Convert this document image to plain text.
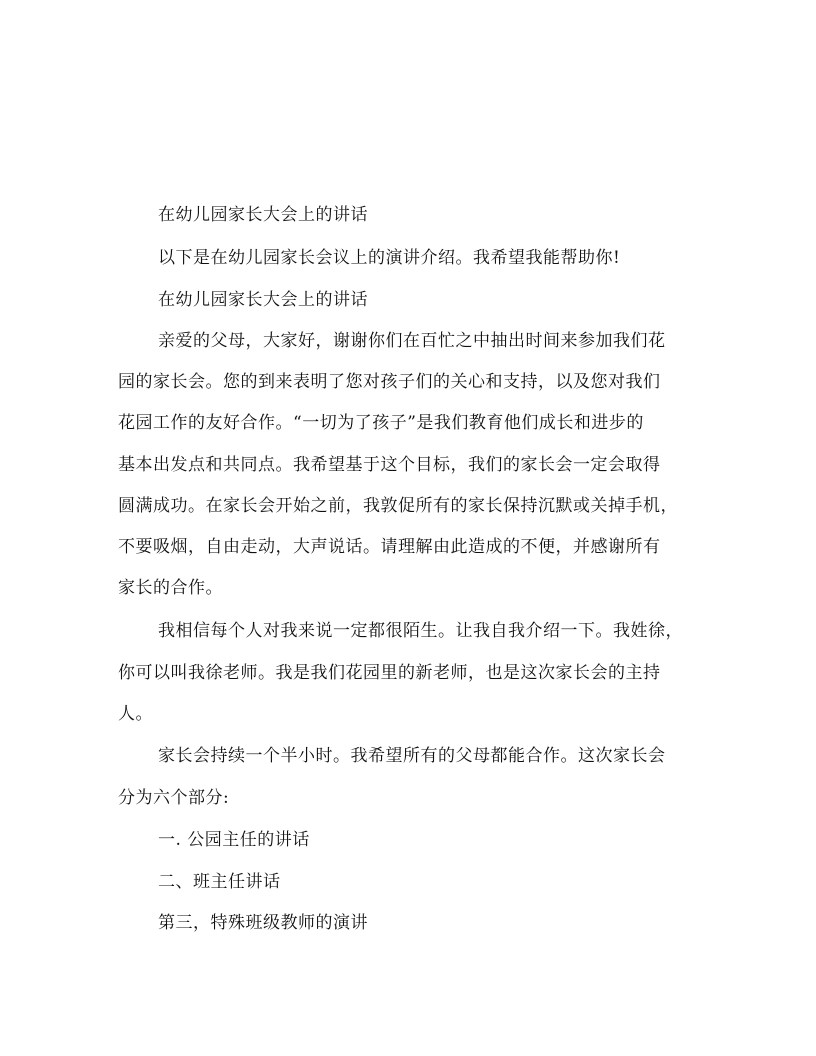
在幼儿园家长大会上的讲话
以下是在幼儿园家长会议上的演讲介绍。我希望我能帮助你!
在幼儿园家长大会上的讲话
亲爱的父母，大家好，谢谢你们在百忙之中抽出时间来参加我们花
园的家长会。您的到来表明了您对孩子们的关心和支持，以及您对我们
花园工作的友好合作。“一切为了孩子”是我们教育他们成长和进步的
基本出发点和共同点。我希望基于这个目标，我们的家长会一定会取得
圆满成功。在家长会开始之前，我敦促所有的家长保持沉默或关掉手机，
不要吸烟，自由走动，大声说话。请理解由此造成的不便，并感谢所有
家长的合作。
我相信每个人对我来说一定都很陌生。让我自我介绍一下。我姓徐，
你可以叫我徐老师。我是我们花园里的新老师，也是这次家长会的主持
人。
家长会持续一个半小时。我希望所有的父母都能合作。这次家长会
分为六个部分:
一. 公园主任的讲话
二、班主任讲话
第三，特殊班级教师的演讲
